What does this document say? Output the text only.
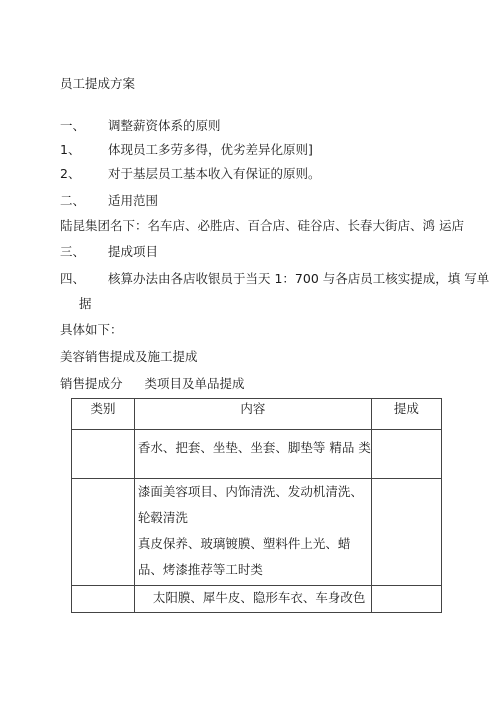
员工提成方案
一、 调整薪资体系的原则
1、 体现员工多劳多得，优劣差异化原则]
2、 对于基层员工基本收入有保证的原则。
二、 适用范围
陆昆集团名下：名车店、必胜店、百合店、硅谷店、长春大街店、鸿 运店
三、 提成项目
四、 核算办法由各店收银员于当天 1：700 与各店员工核实提成，填 写单
据
具体如下：
美容销售提成及施工提成
销售提成分 类项目及单品提成
类别	内容	提成

	香水、把套、坐垫、坐套、脚垫等 精品 类	

	漆面美容项目、内饰清洗、发动机清洗、
轮毂清洗
真皮保养、玻璃镀膜、塑料件上光、蜡
品、烤漆推荐等工时类	

	太阳膜、犀牛皮、隐形车衣、车身改色	
